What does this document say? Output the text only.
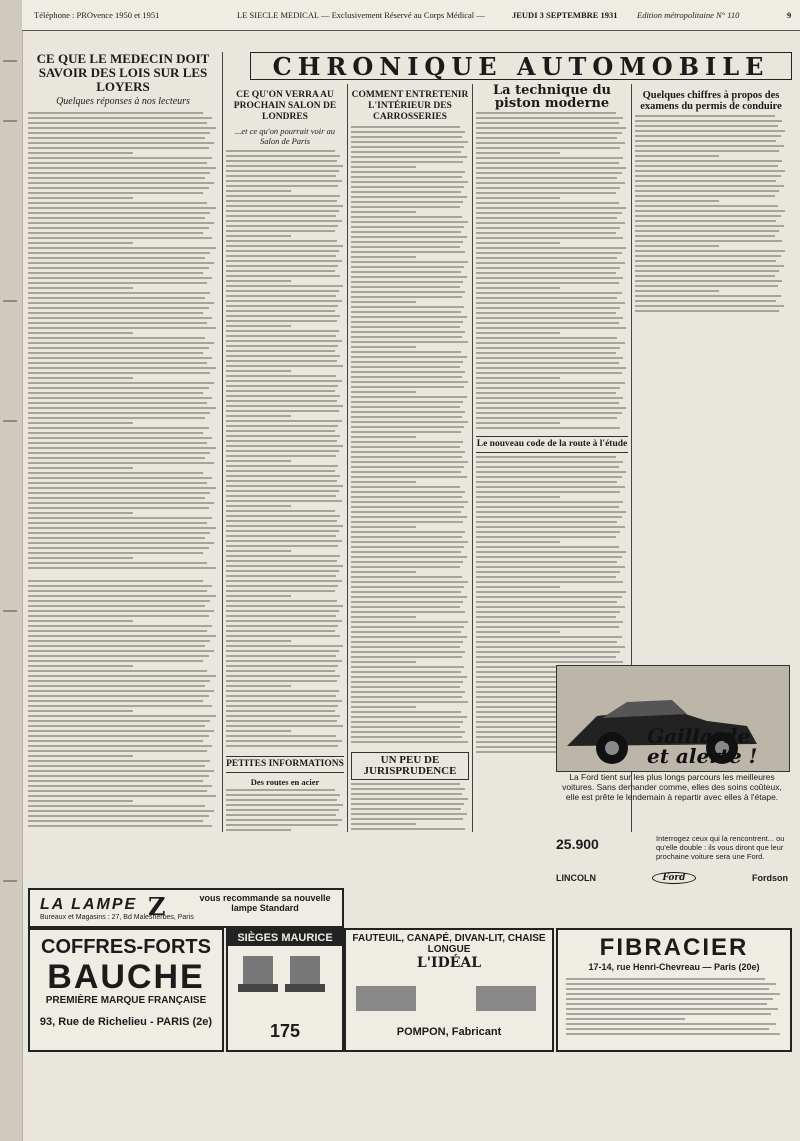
Téléphone : PROvence 1950 et 1951	LE SIECLE MEDICAL — Exclusivement Réservé au Corps Médical —	JEUDI 3 SEPTEMBRE 1931 Edition métropolitaine N° 110	9
CHRONIQUE AUTOMOBILE
CE QUE LE MEDECIN DOIT SAVOIR DES LOIS SUR LES LOYERS
Quelques réponses à nos lecteurs
CE QU'ON VERRA AU PROCHAIN SALON DE LONDRES
...et ce qu'on pourrait voir au Salon de Paris
PETITES INFORMATIONS
Des routes en acier
COMMENT ENTRETENIR L'INTÉRIEUR DES CARROSSERIES
UN PEU DE JURISPRUDENCE
La technique du piston moderne
Le nouveau code de la route à l'étude
Quelques chiffres à propos des examens du permis de conduire
Gaillarde et alerte !
La Ford tient sur les plus longs parcours les meilleures voitures. Sans demander comme, elles des soins coûteux, elle est prête le lendemain à repartir avec elles à l'étape.
Interrogez ceux qui la rencontrent... ou qu'elle double : ils vous diront que leur prochaine voiture sera une Ford.
25.900
LINCOLN	Ford	Fordson
LA LAMPE Z	vous recommande sa nouvelle lampe Standard
Bureaux et Magasins : 27, Bd Malesherbes, Paris
COFFRES-FORTS
BAUCHE
PREMIÈRE MARQUE FRANÇAISE
93, Rue de Richelieu - PARIS (2e)
SIÈGES MAURICE
175
FAUTEUIL, CANAPÉ, DIVAN-LIT, CHAISE LONGUE
L'IDÉAL
POMPON, Fabricant
FIBRACIER
17-14, rue Henri-Chevreau — Paris (20e)
